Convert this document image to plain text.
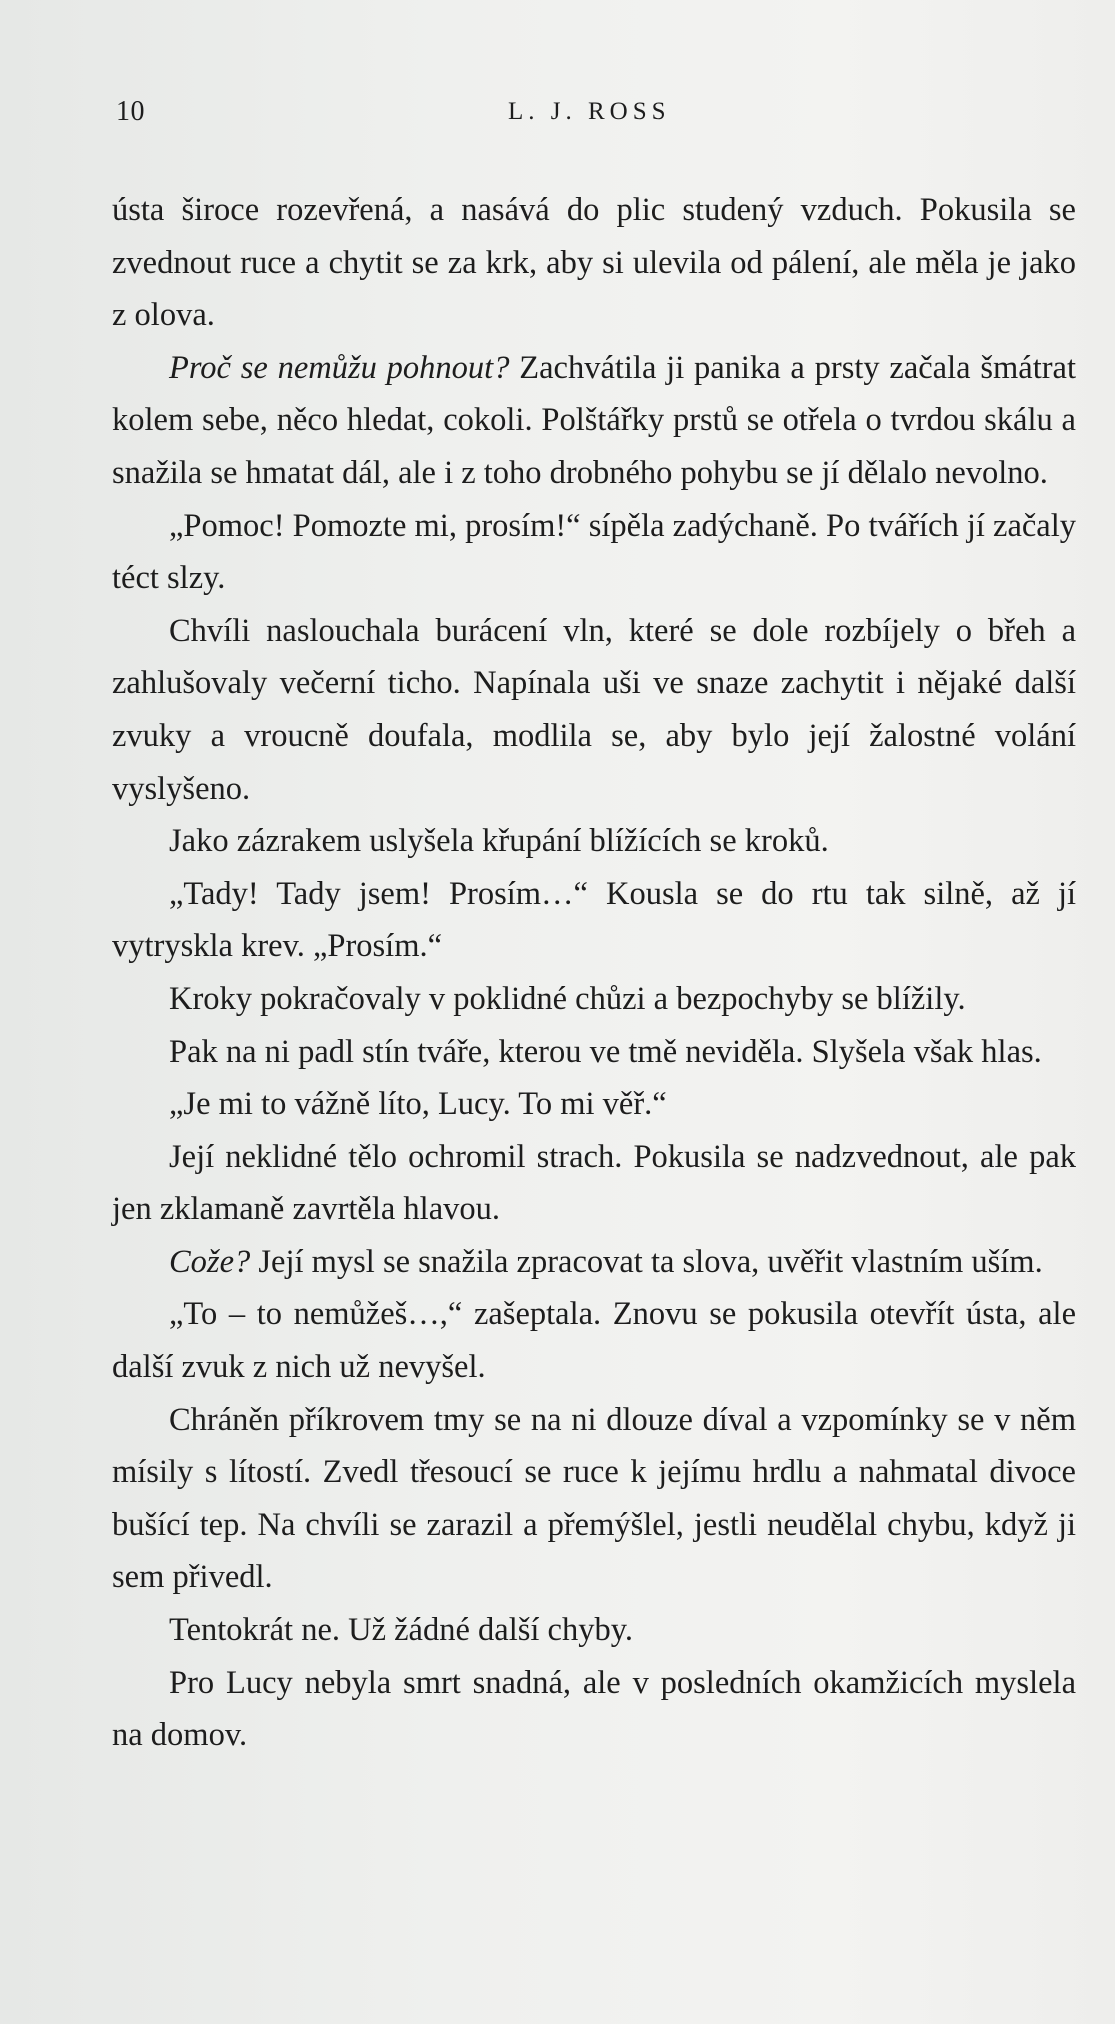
10	L. J. ROSS

ústa široce rozevřená, a nasává do plic studený vzduch. Pokusila se zvednout ruce a chytit se za krk, aby si ulevila od pálení, ale měla je jako z olova.

Proč se nemůžu pohnout? Zachvátila ji panika a prsty začala šmátrat kolem sebe, něco hledat, cokoli. Polštářky prstů se otřela o tvrdou skálu a snažila se hmatat dál, ale i z toho drobného pohybu se jí dělalo nevolno.

„Pomoc! Pomozte mi, prosím!“ sípěla zadýchaně. Po tvářích jí začaly téct slzy.

Chvíli naslouchala burácení vln, které se dole rozbíjely o břeh a zahlušovaly večerní ticho. Napínala uši ve snaze zachytit i nějaké další zvuky a vroucně doufala, modlila se, aby bylo její žalostné volání vyslyšeno.

Jako zázrakem uslyšela křupání blížících se kroků.

„Tady! Tady jsem! Prosím…“ Kousla se do rtu tak silně, až jí vytryskla krev. „Prosím.“

Kroky pokračovaly v poklidné chůzi a bezpochyby se blížily.

Pak na ni padl stín tváře, kterou ve tmě neviděla. Slyšela však hlas.

„Je mi to vážně líto, Lucy. To mi věř.“

Její neklidné tělo ochromil strach. Pokusila se nadzvednout, ale pak jen zklamaně zavrtěla hlavou.

Cože? Její mysl se snažila zpracovat ta slova, uvěřit vlastním uším.

„To – to nemůžeš…,“ zašeptala. Znovu se pokusila otevřít ústa, ale další zvuk z nich už nevyšel.

Chráněn příkrovem tmy se na ni dlouze díval a vzpomínky se v něm mísily s lítostí. Zvedl třesoucí se ruce k jejímu hrdlu a nahmatal divoce bušící tep. Na chvíli se zarazil a přemýšlel, jestli neudělal chybu, když ji sem přivedl.

Tentokrát ne. Už žádné další chyby.

Pro Lucy nebyla smrt snadná, ale v posledních okamžicích myslela na domov.
